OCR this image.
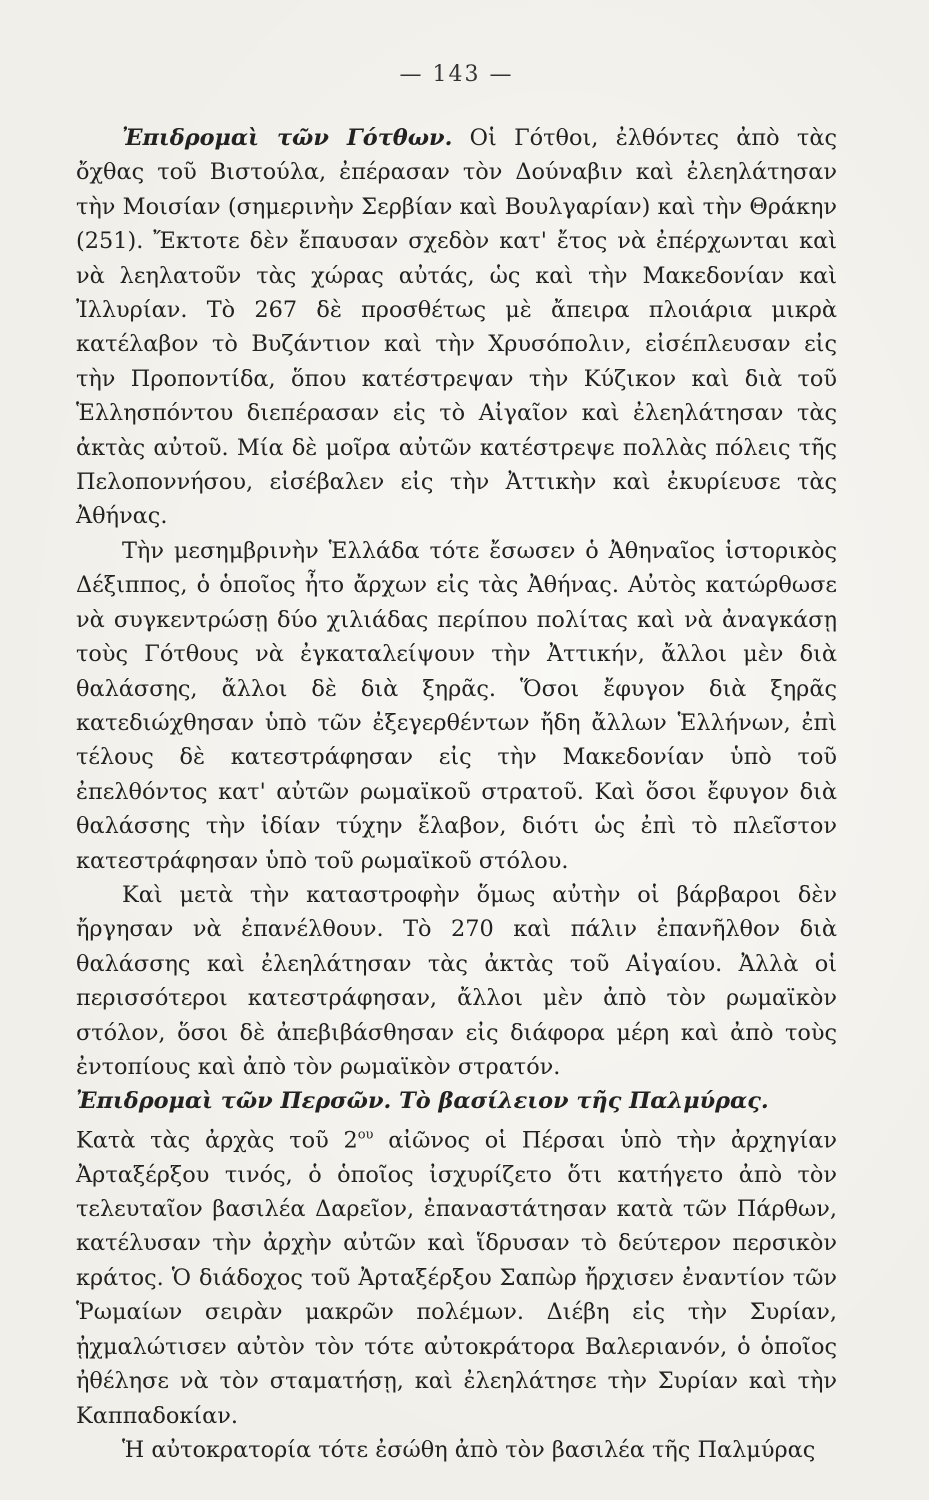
— 143 —

Ἐπιδρομαὶ τῶν Γότθων. Οἱ Γότθοι, ἐλθόντες ἀπὸ τὰς ὄχθας τοῦ Βιστούλα, ἐπέρασαν τὸν Δούναβιν καὶ ἐλεηλάτησαν τὴν Μοισίαν (σημερινὴν Σερβίαν καὶ Βουλγαρίαν) καὶ τὴν Θράκην (251). Ἔκτοτε δὲν ἔπαυσαν σχεδὸν κατ' ἔτος νὰ ἐπέρχωνται καὶ νὰ λεηλατοῦν τὰς χώρας αὐτάς, ὡς καὶ τὴν Μακεδονίαν καὶ Ἰλλυρίαν. Τὸ 267 δὲ προσθέτως μὲ ἄπειρα πλοιάρια μικρὰ κατέλαβον τὸ Βυζάντιον καὶ τὴν Χρυσόπολιν, εἰσέπλευσαν εἰς τὴν Προποντίδα, ὅπου κατέστρεψαν τὴν Κύζικον καὶ διὰ τοῦ Ἑλλησπόντου διεπέρασαν εἰς τὸ Αἰγαῖον καὶ ἐλεηλάτησαν τὰς ἀκτὰς αὐτοῦ. Μία δὲ μοῖρα αὐτῶν κατέστρεψε πολλὰς πόλεις τῆς Πελοποννήσου, εἰσέβαλεν εἰς τὴν Ἀττικὴν καὶ ἐκυρίευσε τὰς Ἀθήνας.

Τὴν μεσημβρινὴν Ἑλλάδα τότε ἔσωσεν ὁ Ἀθηναῖος ἱστορικὸς Δέξιππος, ὁ ὁποῖος ἦτο ἄρχων εἰς τὰς Ἀθήνας. Αὐτὸς κατώρθωσε νὰ συγκεντρώσῃ δύο χιλιάδας περίπου πολίτας καὶ νὰ ἀναγκάσῃ τοὺς Γότθους νὰ ἐγκαταλείψουν τὴν Ἀττικήν, ἄλλοι μὲν διὰ θαλάσσης, ἄλλοι δὲ διὰ ξηρᾶς. Ὅσοι ἔφυγον διὰ ξηρᾶς κατεδιώχθησαν ὑπὸ τῶν ἐξεγερθέντων ἤδη ἄλλων Ἑλλήνων, ἐπὶ τέλους δὲ κατεστράφησαν εἰς τὴν Μακεδονίαν ὑπὸ τοῦ ἐπελθόντος κατ' αὐτῶν ρωμαϊκοῦ στρατοῦ. Καὶ ὅσοι ἔφυγον διὰ θαλάσσης τὴν ἰδίαν τύχην ἔλαβον, διότι ὡς ἐπὶ τὸ πλεῖστον κατεστράφησαν ὑπὸ τοῦ ρωμαϊκοῦ στόλου.

Καὶ μετὰ τὴν καταστροφὴν ὅμως αὐτὴν οἱ βάρβαροι δὲν ἤργησαν νὰ ἐπανέλθουν. Τὸ 270 καὶ πάλιν ἐπανῆλθον διὰ θαλάσσης καὶ ἐλεηλάτησαν τὰς ἀκτὰς τοῦ Αἰγαίου. Ἀλλὰ οἱ περισσότεροι κατεστράφησαν, ἄλλοι μὲν ἀπὸ τὸν ρωμαϊκὸν στόλον, ὅσοι δὲ ἀπεβιβάσθησαν εἰς διάφορα μέρη καὶ ἀπὸ τοὺς ἐντοπίους καὶ ἀπὸ τὸν ρωμαϊκὸν στρατόν.

Ἐπιδρομαὶ τῶν Περσῶν. Τὸ βασίλειον τῆς Παλμύρας.

Κατὰ τὰς ἀρχὰς τοῦ $2^{o\upsilon}$ αἰῶνος οἱ Πέρσαι ὑπὸ τὴν ἀρχηγίαν Ἀρταξέρξου τινός, ὁ ὁποῖος ἰσχυρίζετο ὅτι κατήγετο ἀπὸ τὸν τελευταῖον βασιλέα Δαρεῖον, ἐπαναστάτησαν κατὰ τῶν Πάρθων, κατέλυσαν τὴν ἀρχὴν αὐτῶν καὶ ἵδρυσαν τὸ δεύτερον περσικὸν κράτος. Ὁ διάδοχος τοῦ Ἀρταξέρξου Σαπὼρ ἤρχισεν ἐναντίον τῶν Ῥωμαίων σειρὰν μακρῶν πολέμων. Διέβη εἰς τὴν Συρίαν, ᾐχμαλώτισεν αὐτὸν τὸν τότε αὐτοκράτορα Βαλεριανόν, ὁ ὁποῖος ἠθέλησε νὰ τὸν σταματήσῃ, καὶ ἐλεηλάτησε τὴν Συρίαν καὶ τὴν Καππαδοκίαν.

Ἡ αὐτοκρατορία τότε ἐσώθη ἀπὸ τὸν βασιλέα τῆς Παλμύρας
